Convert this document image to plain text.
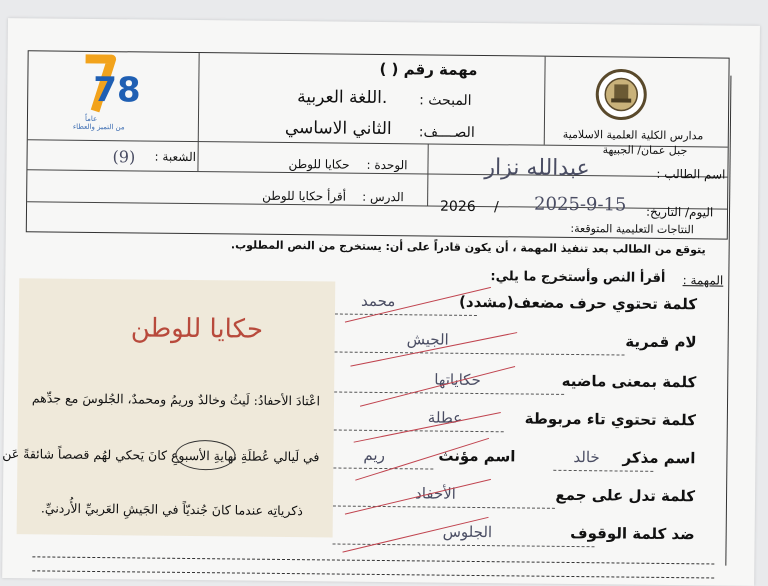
78
عاماً
من التميز والعطاء
مهمة رقم ( )
المبحث :
.اللغة العربية
الصــــف:
الثاني الاساسي	مدارس الكلية العلمية الاسلامية
جبل عمان/ الجبيهة
الشعبة :
(9)	الوحدة :
حكايا للوطن
اسم الطالب :
عبدالله نزار
الدرس :
أقرأ حكايا للوطن
2026 / 2025-9-15 اليوم/ التاريخ:
النتاجات التعليمية المتوقعة:
يتوقع من الطالب بعد تنفيذ المهمة ، أن يكون قادراً على أن: يستخرج من النص المطلوب.
المهمة :
أقرأ النص وأستخرج ما يلي:
كلمة تحتوي حرف مضعف(مشدد)
محمد
لام قمرية
الجيش
كلمة بمعنى ماضيه
حكاياتها
كلمة تحتوي تاء مربوطة
عطلة
اسم مذكر
خالد
اسم مؤنث
ريم
كلمة تدل على جمع
الأحفاد
ضد كلمة الوقوف
الجلوس
حكايا للوطن
اعْتادَ الأحفادُ: لَيثُ وخالدٌ وريمُ ومحمدٌ، الجُلوسَ مع جدِّهم
في لَيالي عُطلَةِ نهايةِ الأسبوعِ كانَ يَحكي لهُم قصصاً شائقةً عَن
ذكرياتِه عندما كانَ جُنديّاً في الجَيشِ العَربيِّ الأُردنيِّ.
